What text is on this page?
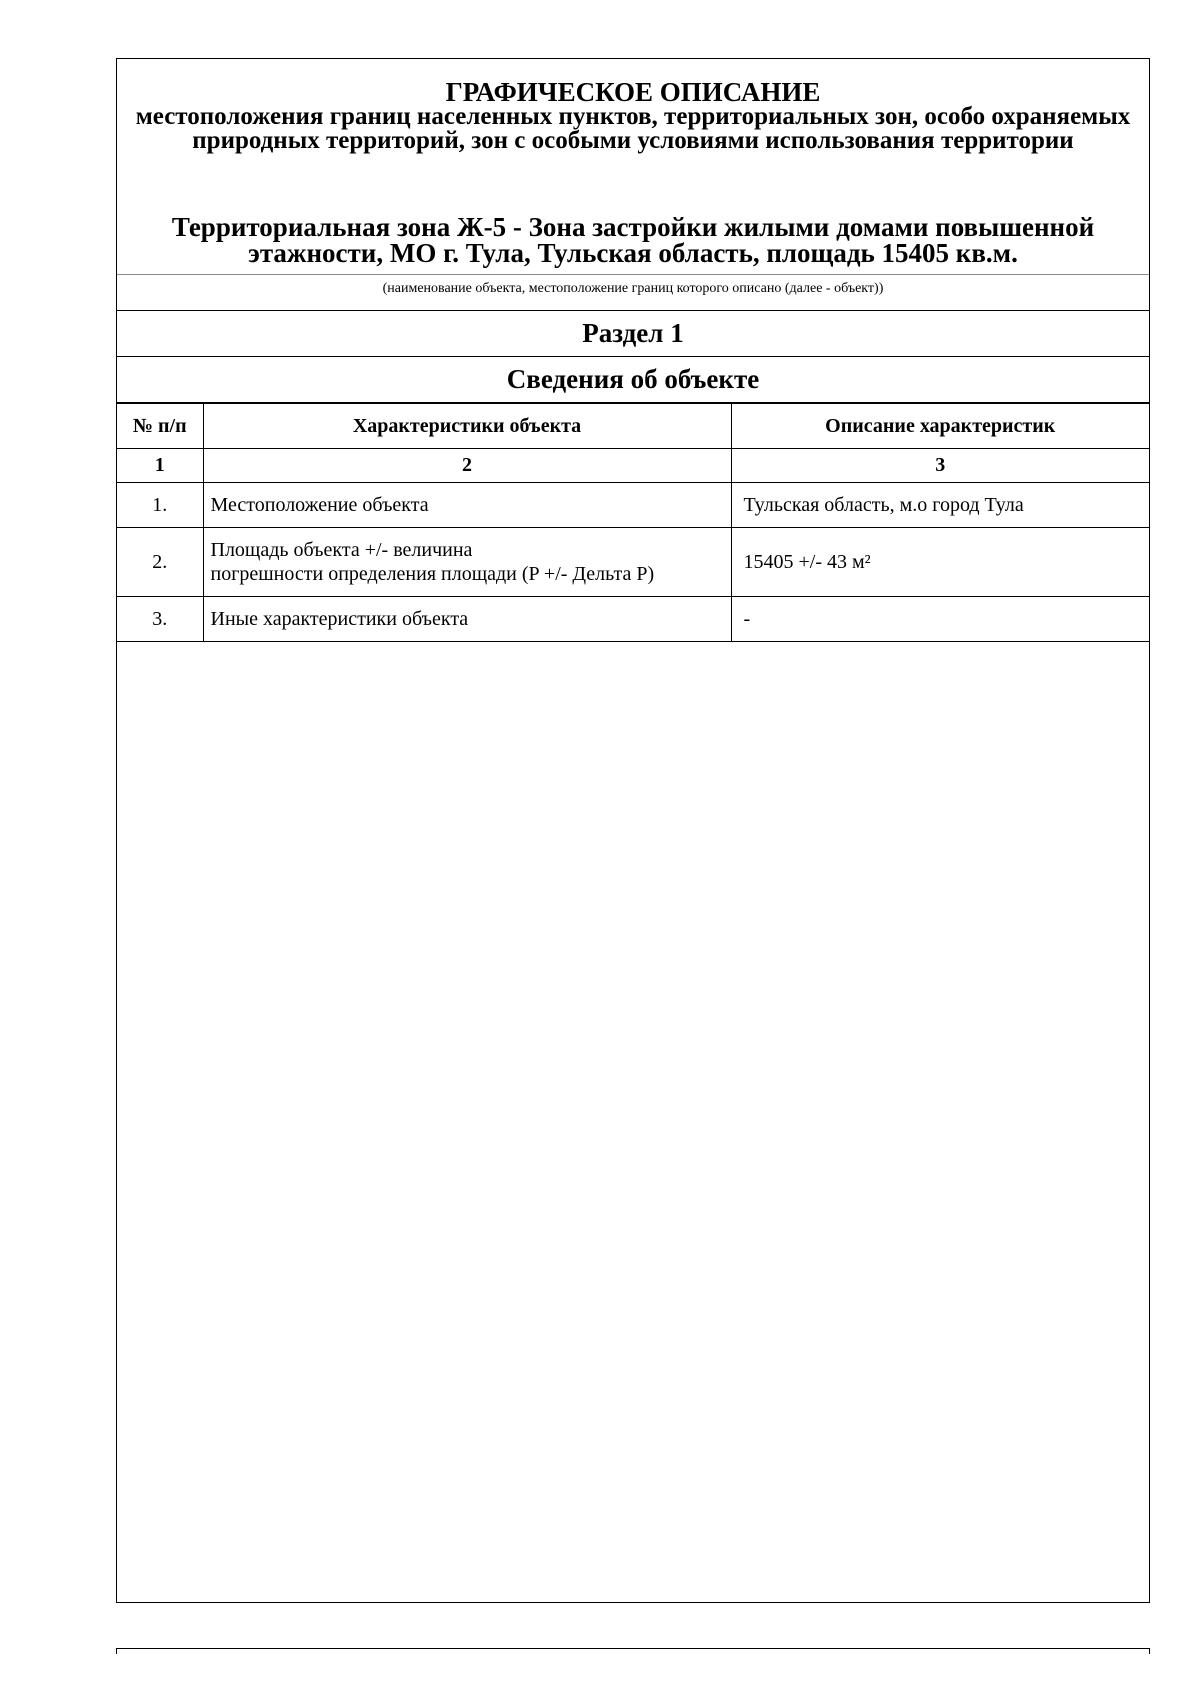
ГРАФИЧЕСКОЕ ОПИСАНИЕ
местоположения границ населенных пунктов, территориальных зон, особо охраняемых природных территорий, зон с особыми условиями использования территории
Территориальная зона Ж-5 - Зона застройки жилыми домами повышенной этажности, МО г. Тула, Тульская область, площадь 15405 кв.м.
(наименование объекта, местоположение границ которого описано (далее - объект))
Раздел 1
Сведения об объекте
№ п/п	Характеристики объекта	Описание характеристик
1	2	3
1.	Местоположение объекта	Тульская область, м.о город Тула
2.	Площадь объекта +/- величина
погрешности определения площади (P +/- Дельта P)	15405 +/- 43 м²
3.	Иные характеристики объекта	-
